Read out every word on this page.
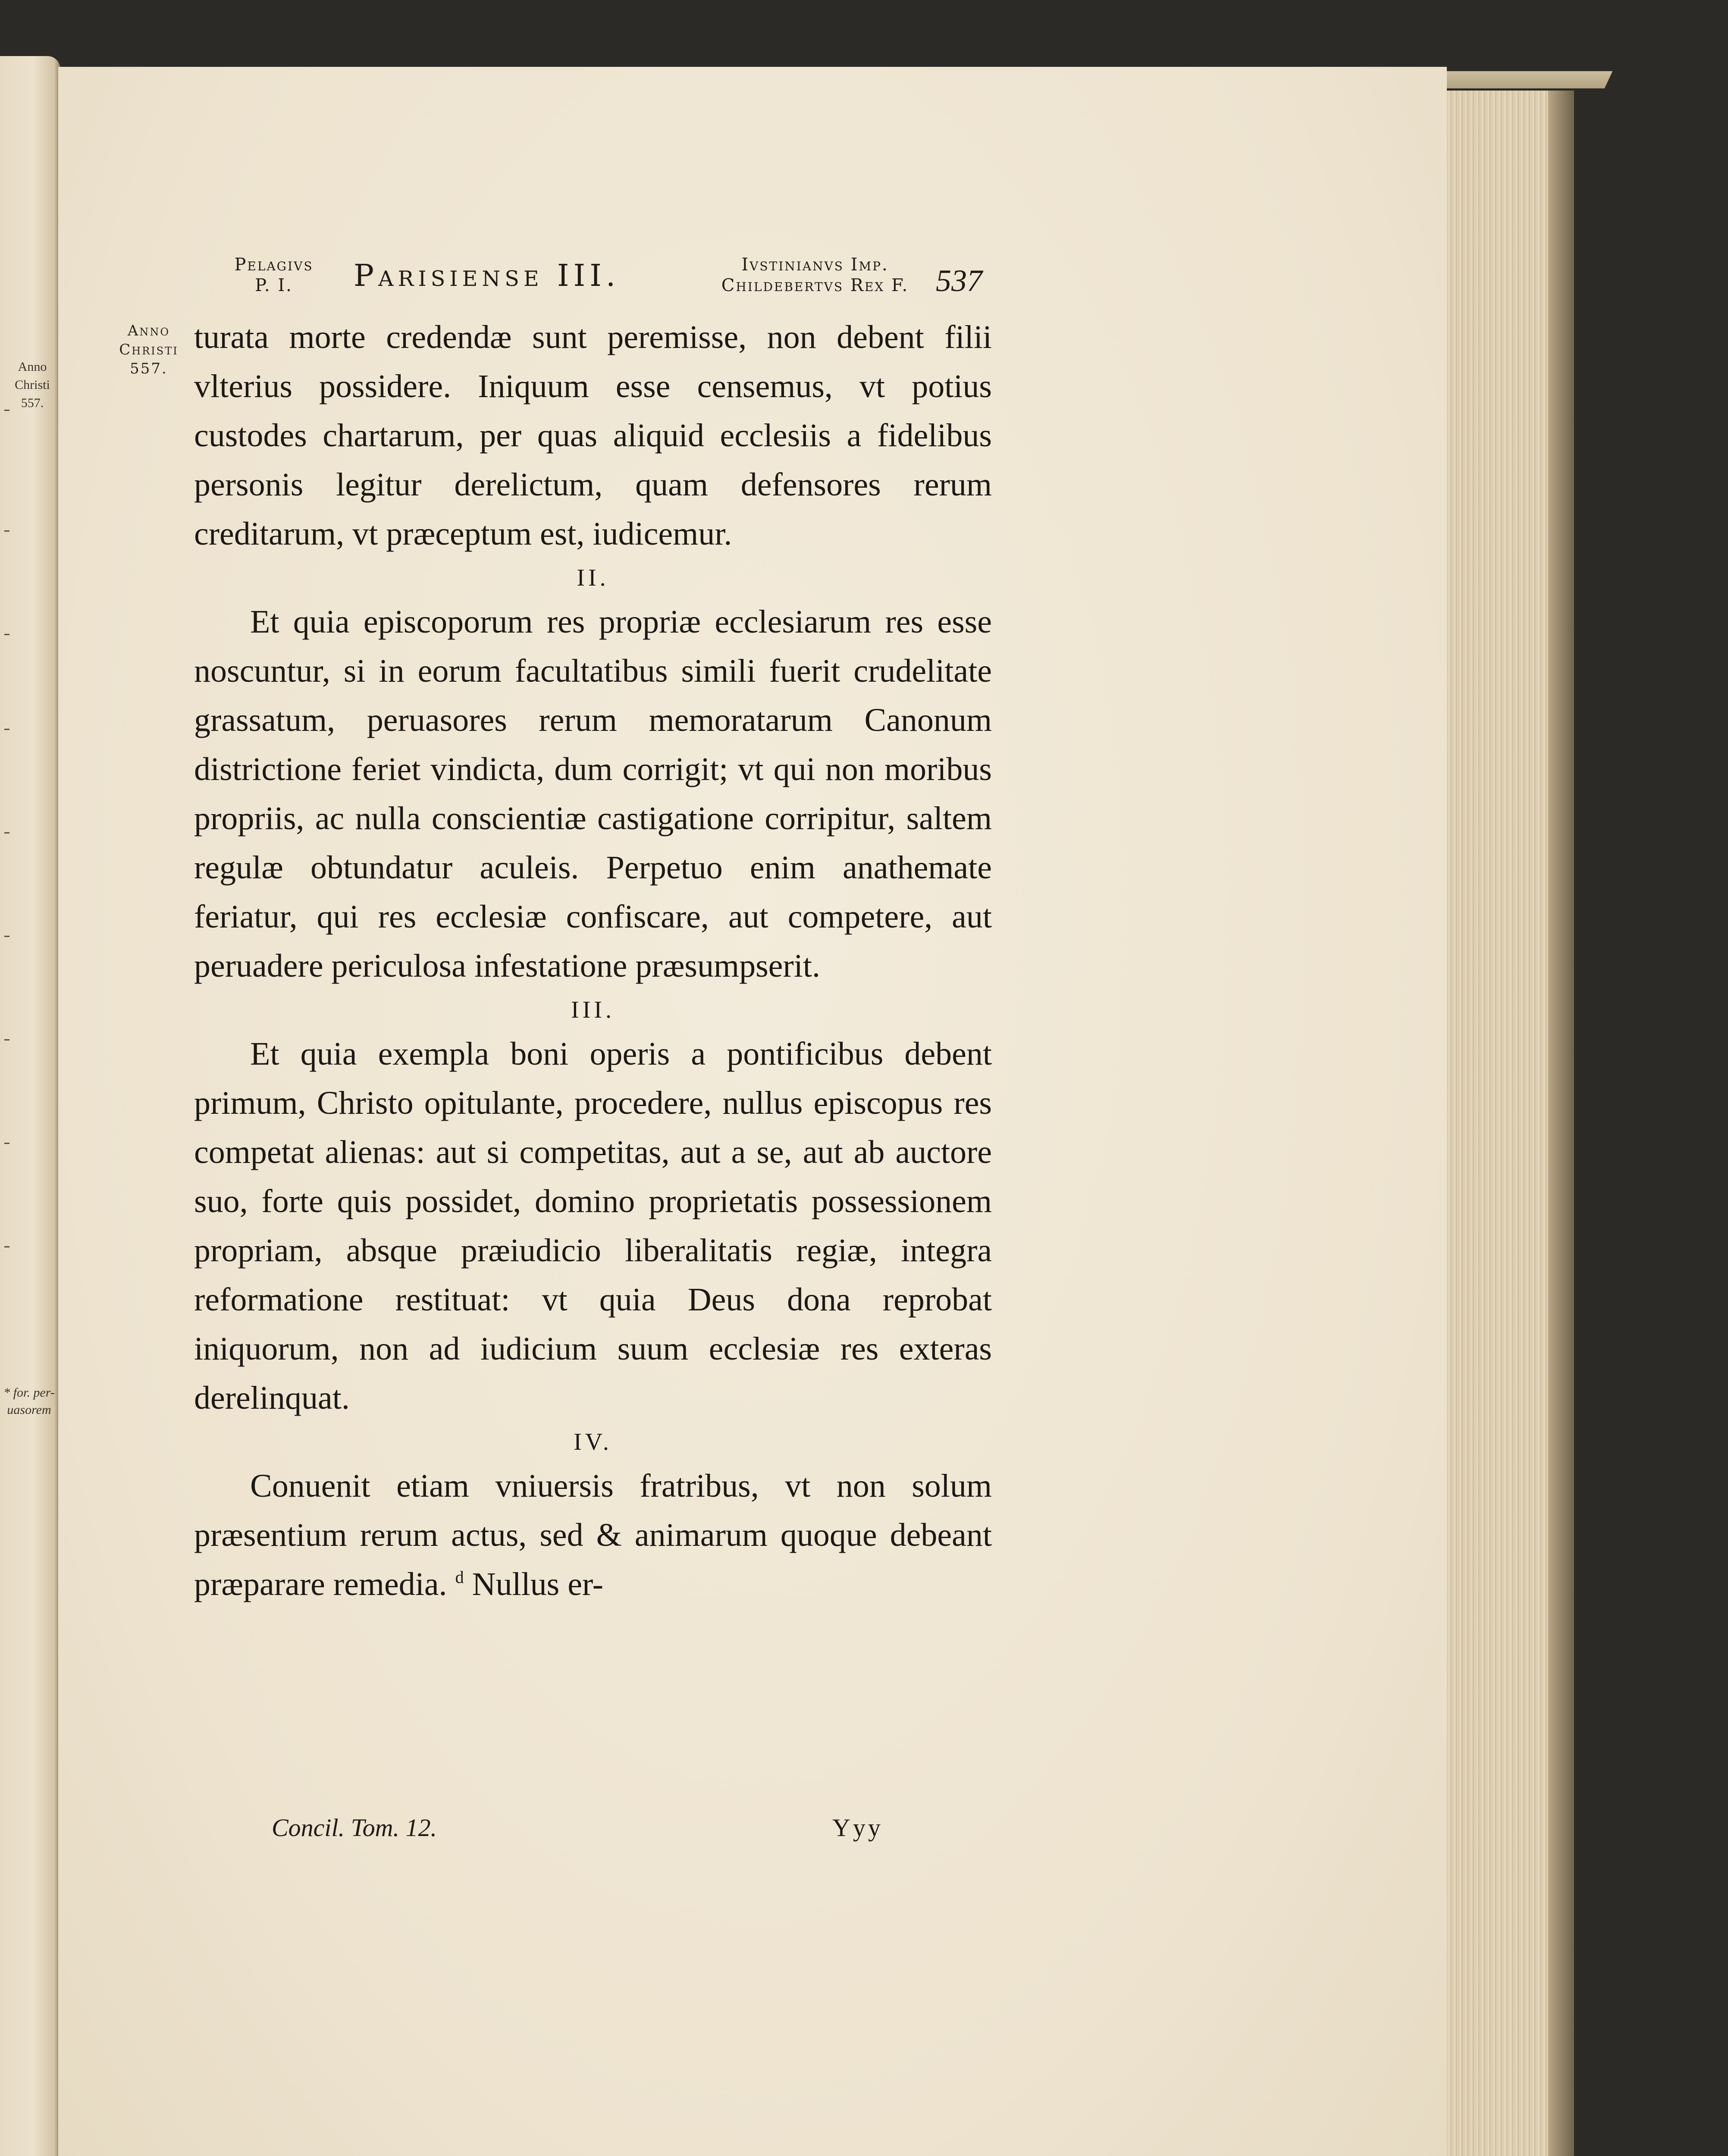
Anno
Christi
557.
* for. per-
uasorem
Pelagivs
P. I.	Parisiense III.	Ivstinianvs Imp.
Childebertvs Rex F. 537
Anno
Christi
557.

turata morte credendæ sunt peremisse, non debent filii vlterius possidere. Iniquum esse censemus, vt potius custodes chartarum, per quas aliquid ecclesiis a fidelibus personis legitur derelictum, quam defensores rerum creditarum, vt præceptum est, iudicemur.

II.

Et quia episcoporum res propriæ ecclesiarum res esse noscuntur, si in eorum facultatibus simili fuerit crudelitate grassatum, peruasores rerum memoratarum Canonum districtione feriet vindicta, dum corrigit; vt qui non moribus propriis, ac nulla conscientiæ castigatione corripitur, saltem regulæ obtundatur aculeis. Perpetuo enim anathemate feriatur, qui res ecclesiæ confiscare, aut competere, aut peruadere periculosa infestatione præsumpserit.

III.

Et quia exempla boni operis a pontificibus debent primum, Christo opitulante, procedere, nullus episcopus res competat alienas: aut si competitas, aut a se, aut ab auctore suo, forte quis possidet, domino proprietatis possessionem propriam, absque præiudicio liberalitatis regiæ, integra reformatione restituat: vt quia Deus dona reprobat iniquorum, non ad iudicium suum ecclesiæ res exteras derelinquat.

IV.

Conuenit etiam vniuersis fratribus, vt non solum præsentium rerum actus, sed & animarum quoque debeant præparare remedia. $^d$ Nullus er-

Concil. Tom. 12.	Yyy
